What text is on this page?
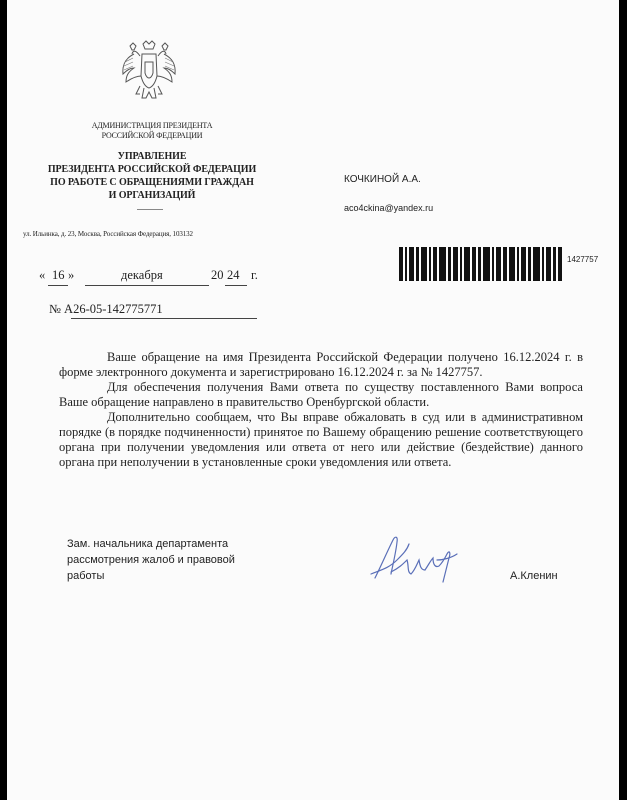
АДМИНИСТРАЦИЯ ПРЕЗИДЕНТА РОССИЙСКОЙ ФЕДЕРАЦИИ
УПРАВЛЕНИЕ
ПРЕЗИДЕНТА РОССИЙСКОЙ ФЕДЕРАЦИИ
ПО РАБОТЕ С ОБРАЩЕНИЯМИ ГРАЖДАН
И ОРГАНИЗАЦИЙ
ул. Ильинка, д. 23, Москва, Российская Федерация, 103132
КОЧКИНОЙ А.А.
aco4ckina@yandex.ru
1427757
« 16 »	декабря	20 24 г.
№ А26-05-142775771

Ваше обращение на имя Президента Российской Федерации получено 16.12.2024 г. в форме электронного документа и зарегистрировано 16.12.2024 г. за № 1427757.

Для обеспечения получения Вами ответа по существу поставленного Вами вопроса Ваше обращение направлено в правительство Оренбургской области.

Дополнительно сообщаем, что Вы вправе обжаловать в суд или в административном порядке (в порядке подчиненности) принятое по Вашему обращению решение соответствующего органа при получении уведомления или ответа от него или действие (бездействие) данного органа при неполучении в установленные сроки уведомления или ответа.

Зам. начальника департамента
рассмотрения жалоб и правовой
работы	А.Кленин
